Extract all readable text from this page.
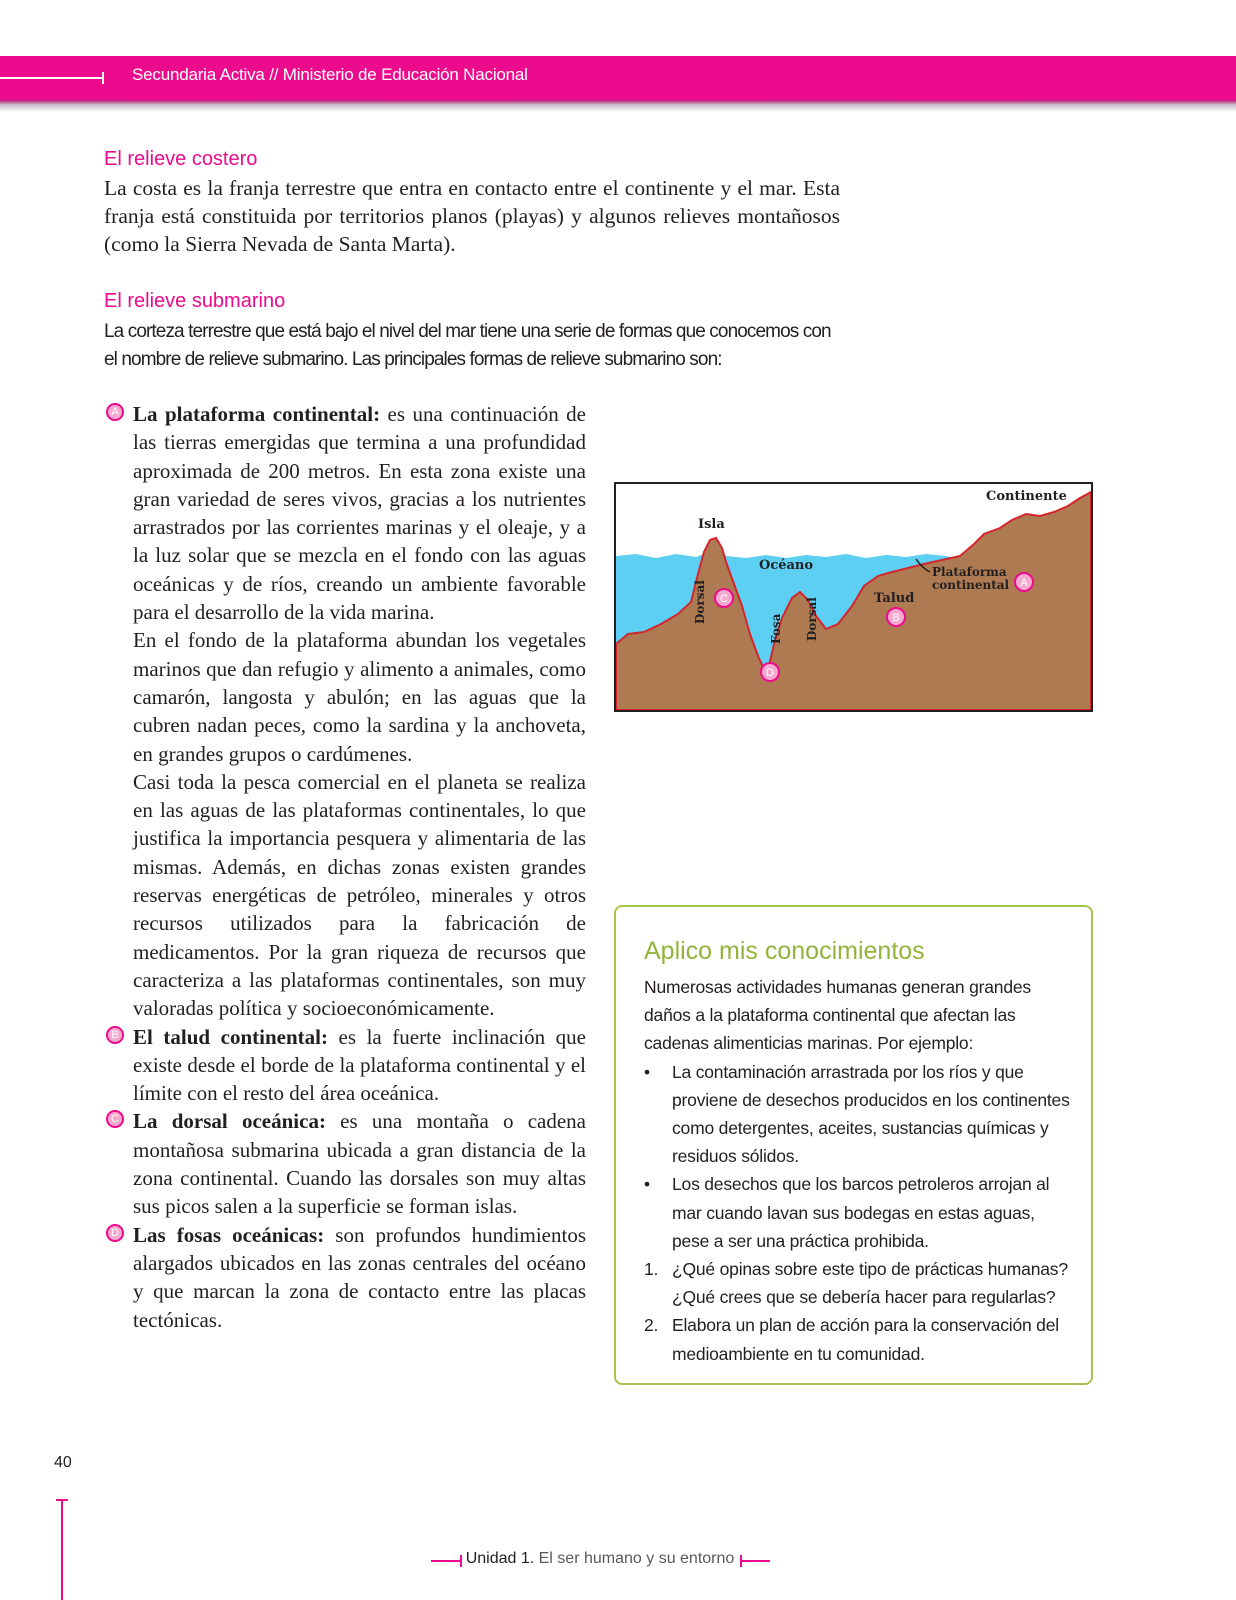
Secundaria Activa // Ministerio de Educación Nacional
El relieve costero
La costa es la franja terrestre que entra en contacto entre el continente y el mar. Esta franja está constituida por territorios planos (playas) y algunos relieves montañosos (como la Sierra Nevada de Santa Marta).
El relieve submarino
La corteza terrestre que está bajo el nivel del mar tiene una serie de formas que conocemos con el nombre de relieve submarino. Las principales formas de relieve submarino son:

A La plataforma continental: es una continuación de las tierras emergidas que termina a una profundidad aproximada de 200 metros. En esta zona existe una gran variedad de seres vivos, gracias a los nutrientes arrastrados por las corrientes marinas y el oleaje, y a la luz solar que se mezcla en el fondo con las aguas oceánicas y de ríos, creando un ambiente favorable para el desarrollo de la vida marina.

En el fondo de la plataforma abundan los vegetales marinos que dan refugio y alimento a animales, como camarón, langosta y abulón; en las aguas que la cubren nadan peces, como la sardina y la anchoveta, en grandes grupos o cardúmenes.

Casi toda la pesca comercial en el planeta se realiza en las aguas de las plataformas continentales, lo que justifica la importancia pesquera y alimentaria de las mismas. Además, en dichas zonas existen grandes reservas energéticas de petróleo, minerales y otros recursos utilizados para la fabricación de medicamentos. Por la gran riqueza de recursos que caracteriza a las plataformas continentales, son muy valoradas política y socioeconómicamente.

B El talud continental: es la fuerte inclinación que existe desde el borde de la plataforma continental y el límite con el resto del área oceánica.

C La dorsal oceánica: es una montaña o cadena montañosa submarina ubicada a gran distancia de la zona continental. Cuando las dorsales son muy altas sus picos salen a la superficie se forman islas.

D Las fosas oceánicas: son profundos hundimientos alargados ubicados en las zonas centrales del océano y que marcan la zona de contacto entre las placas tectónicas.

Continente
Isla
Océano	Plataforma
continental
Talud
Dorsal
Fosa Dorsal
A
B
C
D
Aplico mis conocimientos
Numerosas actividades humanas generan grandes daños a la plataforma continental que afectan las cadenas alimenticias marinas. Por ejemplo:
• La contaminación arrastrada por los ríos y que proviene de desechos producidos en los continentes como detergentes, aceites, sustancias químicas y residuos sólidos.
• Los desechos que los barcos petroleros arrojan al mar cuando lavan sus bodegas en estas aguas, pese a ser una práctica prohibida.
1. ¿Qué opinas sobre este tipo de prácticas humanas? ¿Qué crees que se debería hacer para regularlas?
2. Elabora un plan de acción para la conservación del medioambiente en tu comunidad.
40
Unidad 1. El ser humano y su entorno
